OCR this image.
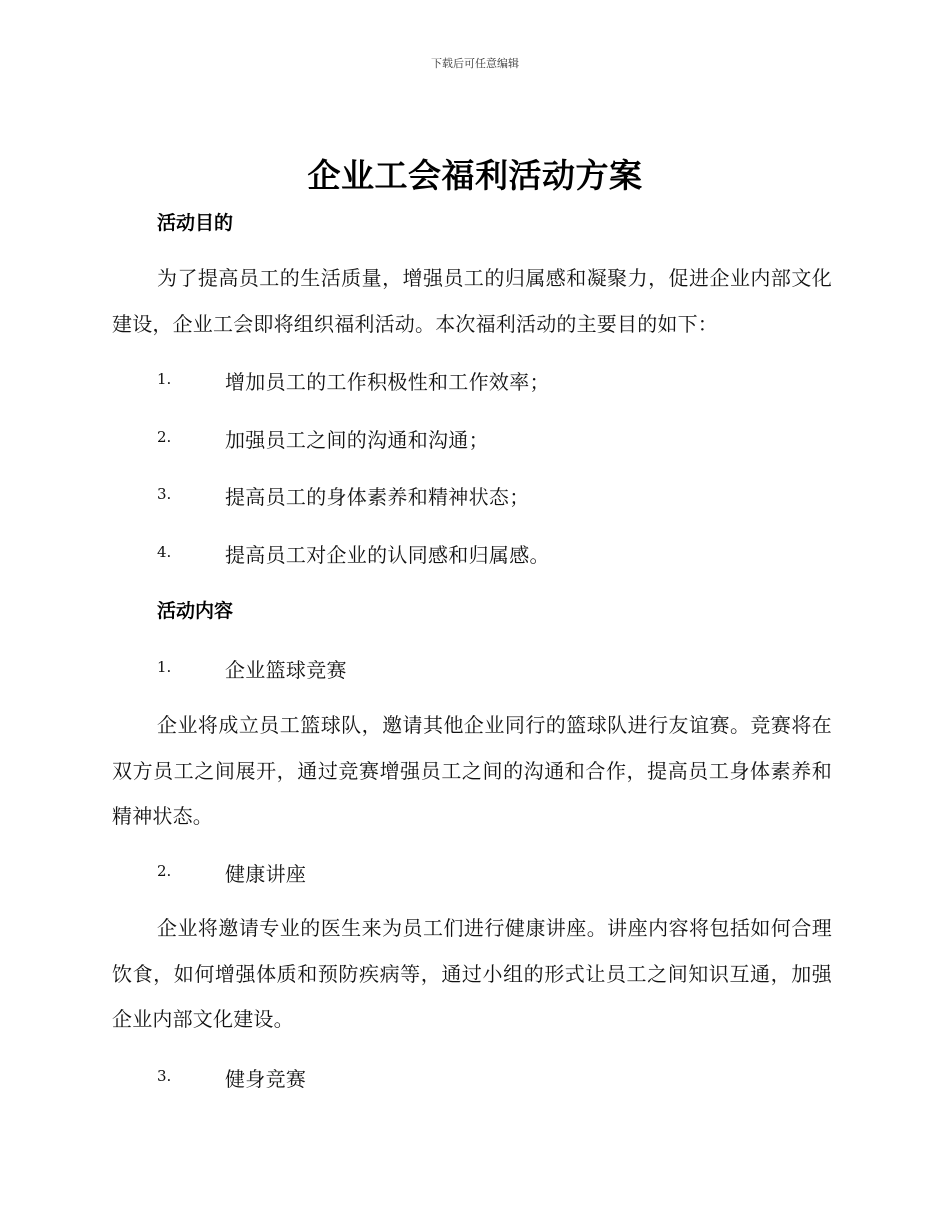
下载后可任意编辑
企业工会福利活动方案
活动目的
为了提高员工的生活质量，增强员工的归属感和凝聚力，促进企业内部文化建设，企业工会即将组织福利活动。本次福利活动的主要目的如下：
1.	增加员工的工作积极性和工作效率；
2.	加强员工之间的沟通和沟通；
3.	提高员工的身体素养和精神状态；
4.	提高员工对企业的认同感和归属感。
活动内容
1.	企业篮球竞赛
企业将成立员工篮球队，邀请其他企业同行的篮球队进行友谊赛。竞赛将在双方员工之间展开，通过竞赛增强员工之间的沟通和合作，提高员工身体素养和精神状态。
2.	健康讲座
企业将邀请专业的医生来为员工们进行健康讲座。讲座内容将包括如何合理饮食，如何增强体质和预防疾病等，通过小组的形式让员工之间知识互通，加强企业内部文化建设。
3.	健身竞赛
